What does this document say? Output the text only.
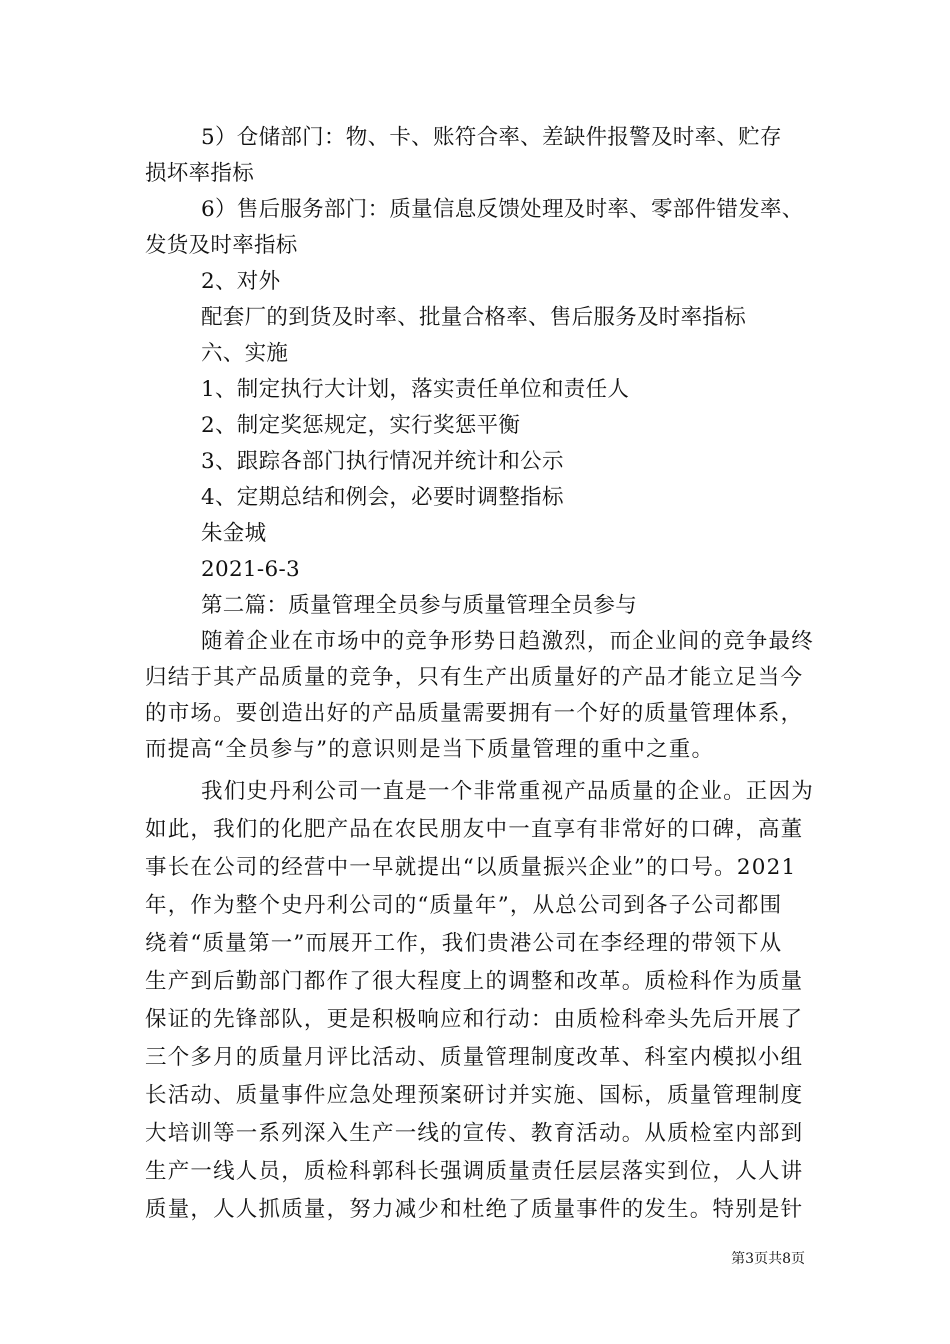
5）仓储部门：物、卡、账符合率、差缺件报警及时率、贮存
损坏率指标
6）售后服务部门：质量信息反馈处理及时率、零部件错发率、
发货及时率指标
2、对外
配套厂的到货及时率、批量合格率、售后服务及时率指标
六、实施
1、制定执行大计划，落实责任单位和责任人
2、制定奖惩规定，实行奖惩平衡
3、跟踪各部门执行情况并统计和公示
4、定期总结和例会，必要时调整指标
朱金城
2021-6-3
第二篇：质量管理全员参与质量管理全员参与
随着企业在市场中的竞争形势日趋激烈，而企业间的竞争最终
归结于其产品质量的竞争，只有生产出质量好的产品才能立足当今
的市场。要创造出好的产品质量需要拥有一个好的质量管理体系，
而提高“全员参与”的意识则是当下质量管理的重中之重。
我们史丹利公司一直是一个非常重视产品质量的企业。正因为
如此，我们的化肥产品在农民朋友中一直享有非常好的口碑，高董
事长在公司的经营中一早就提出“以质量振兴企业”的口号。2021
年，作为整个史丹利公司的“质量年”，从总公司到各子公司都围
绕着“质量第一”而展开工作，我们贵港公司在李经理的带领下从
生产到后勤部门都作了很大程度上的调整和改革。质检科作为质量
保证的先锋部队，更是积极响应和行动：由质检科牵头先后开展了
三个多月的质量月评比活动、质量管理制度改革、科室内模拟小组
长活动、质量事件应急处理预案研讨并实施、国标，质量管理制度
大培训等一系列深入生产一线的宣传、教育活动。从质检室内部到
生产一线人员，质检科郭科长强调质量责任层层落实到位，人人讲
质量，人人抓质量，努力减少和杜绝了质量事件的发生。特别是针
第3页共8页
